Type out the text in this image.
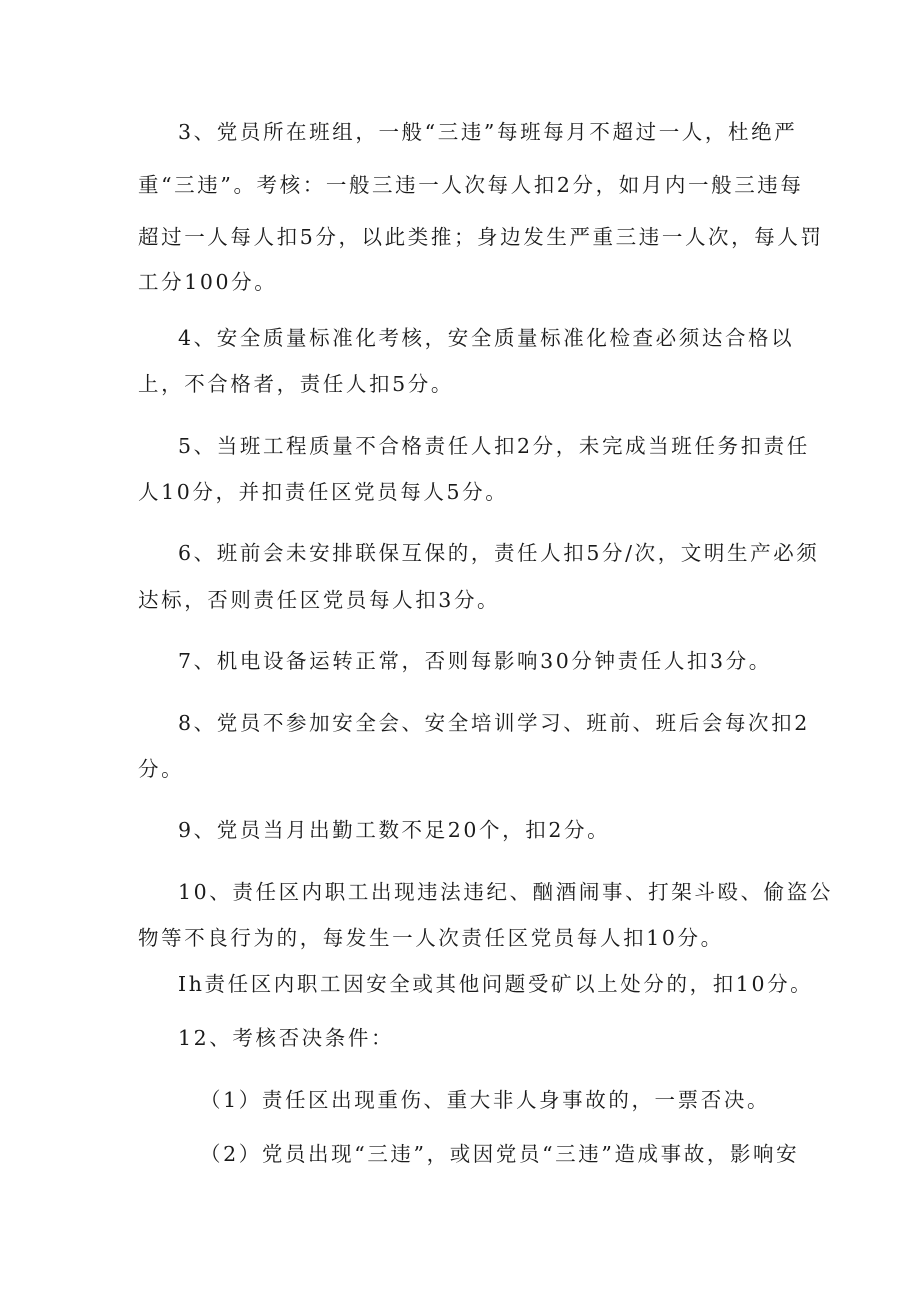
3、党员所在班组，一般“三违”每班每月不超过一人，杜绝严
重“三违”。考核：一般三违一人次每人扣2分，如月内一般三违每
超过一人每人扣5分，以此类推；身边发生严重三违一人次，每人罚
工分100分。
4、安全质量标准化考核，安全质量标准化检查必须达合格以
上，不合格者，责任人扣5分。
5、当班工程质量不合格责任人扣2分，未完成当班任务扣责任
人10分，并扣责任区党员每人5分。
6、班前会未安排联保互保的，责任人扣5分/次，文明生产必须
达标，否则责任区党员每人扣3分。
7、机电设备运转正常，否则每影响30分钟责任人扣3分。
8、党员不参加安全会、安全培训学习、班前、班后会每次扣2
分。
9、党员当月出勤工数不足20个，扣2分。
10、责任区内职工出现违法违纪、酗酒闹事、打架斗殴、偷盗公
物等不良行为的，每发生一人次责任区党员每人扣10分。
Ih责任区内职工因安全或其他问题受矿以上处分的，扣10分。
12、考核否决条件：
（1）责任区出现重伤、重大非人身事故的，一票否决。
（2）党员出现“三违”，或因党员“三违”造成事故，影响安
